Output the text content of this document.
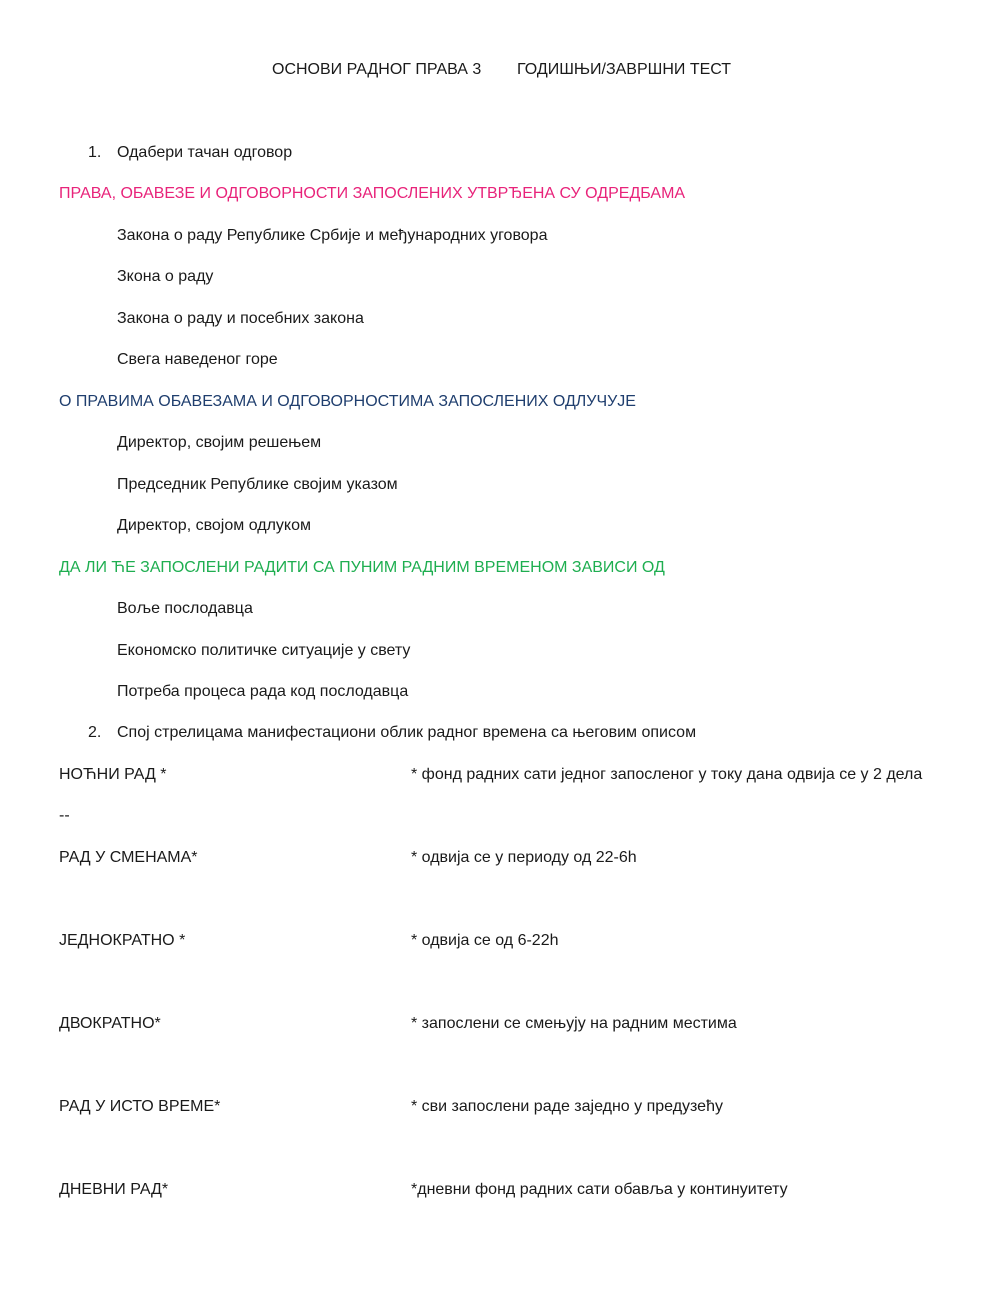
ОСНОВИ РАДНОГ ПРАВА 3 ГОДИШЊИ/ЗАВРШНИ ТЕСТ
1. Одабери тачан одговор
ПРАВА, ОБАВЕЗЕ И ОДГОВОРНОСТИ ЗАПОСЛЕНИХ УТВРЂЕНА СУ ОДРЕДБАМА
Закона о раду Републике Србије и међународних уговора
Зкона о раду
Закона о раду и посебних закона
Свега наведеног горе
О ПРАВИМА ОБАВЕЗАМА И ОДГОВОРНОСТИМА ЗАПОСЛЕНИХ ОДЛУЧУЈЕ
Директор, својим решењем
Председник Републике својим указом
Директор, својом одлуком
ДА ЛИ ЋЕ ЗАПОСЛЕНИ РАДИТИ СА ПУНИМ РАДНИМ ВРЕМЕНОМ ЗАВИСИ ОД
Воље послодавца
Економско политичке ситуације у свету
Потреба процеса рада код послодавца
2. Спој стрелицама манифестациони облик радног времена са његовим описом
НОЋНИ РАД *	* фонд радних сати једног запосленог у току дана одвија се у 2 дела
--
РАД У СМЕНАМА*	* одвија се у периоду од 22-6h
ЈЕДНОКРАТНО *	* одвија се од 6-22h
ДВОКРАТНО*	* запослени се смењују на радним местима
РАД У ИСТО ВРЕМЕ*	* сви запослени раде заједно у предузећу
ДНЕВНИ РАД*	*дневни фонд радних сати обавља у континуитету
